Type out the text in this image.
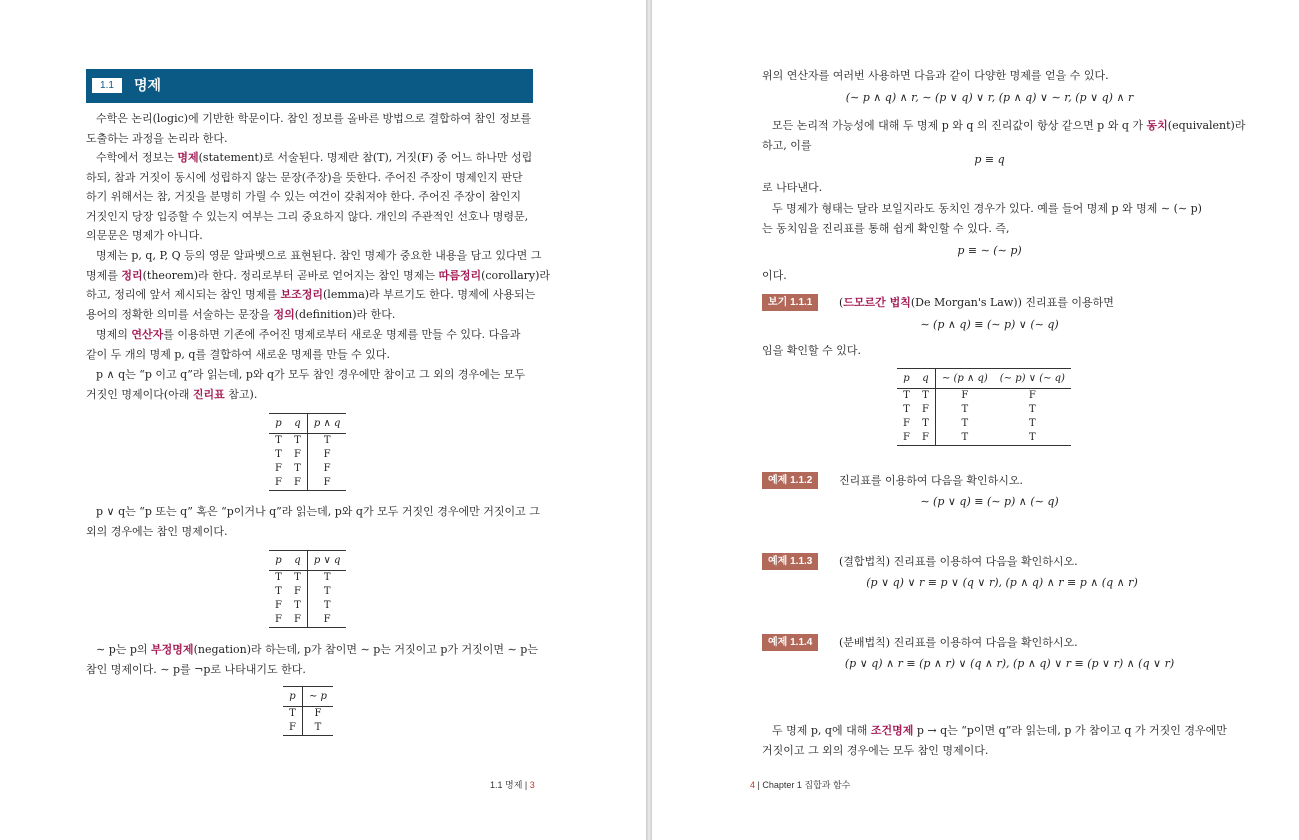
1.1	명제
수학은 논리(logic)에 기반한 학문이다. 참인 정보를 올바른 방법으로 결합하여 참인 정보를
도출하는 과정을 논리라 한다.
수학에서 정보는 명제(statement)로 서술된다. 명제란 참(T), 거짓(F) 중 어느 하나만 성립
하되, 참과 거짓이 동시에 성립하지 않는 문장(주장)을 뜻한다. 주어진 주장이 명제인지 판단
하기 위해서는 참, 거짓을 분명히 가릴 수 있는 여건이 갖춰져야 한다. 주어진 주장이 참인지
거짓인지 당장 입증할 수 있는지 여부는 그리 중요하지 않다. 개인의 주관적인 선호나 명령문,
의문문은 명제가 아니다.
명제는 p, q, P, Q 등의 영문 알파벳으로 표현된다. 참인 명제가 중요한 내용을 담고 있다면 그
명제를 정리(theorem)라 한다. 정리로부터 곧바로 얻어지는 참인 명제는 따름정리(corollary)라
하고, 정리에 앞서 제시되는 참인 명제를 보조정리(lemma)라 부르기도 한다. 명제에 사용되는
용어의 정확한 의미를 서술하는 문장을 정의(definition)라 한다.
명제의 연산자를 이용하면 기존에 주어진 명제로부터 새로운 명제를 만들 수 있다. 다음과
같이 두 개의 명제 p, q를 결합하여 새로운 명제를 만들 수 있다.
p ∧ q는 “p 이고 q”라 읽는데, p와 q가 모두 참인 경우에만 참이고 그 외의 경우에는 모두
거짓인 명제이다(아래 진리표 참고).
p	q	p ∧ q
T	T	T
T	F	F
F	T	F
F	F	F
p ∨ q는 “p 또는 q” 혹은 “p이거나 q”라 읽는데, p와 q가 모두 거짓인 경우에만 거짓이고 그
외의 경우에는 참인 명제이다.
p	q	p ∨ q
T	T	T
T	F	T
F	T	T
F	F	F
∼ p는 p의 부정명제(negation)라 하는데, p가 참이면 ∼ p는 거짓이고 p가 거짓이면 ∼ p는
참인 명제이다. ∼ p를 ¬p로 나타내기도 한다.
p	∼ p
T	F
F	T
1.1 명제 | 3
위의 연산자를 여러번 사용하면 다음과 같이 다양한 명제를 얻을 수 있다.
(∼ p ∧ q) ∧ r, ∼ (p ∨ q) ∨ r, (p ∧ q) ∨ ∼ r, (p ∨ q) ∧ r
모든 논리적 가능성에 대해 두 명제 p 와 q 의 진리값이 항상 같으면 p 와 q 가 동치(equivalent)라
하고, 이를
p ≡ q
로 나타낸다.
두 명제가 형태는 달라 보일지라도 동치인 경우가 있다. 예를 들어 명제 p 와 명제 ∼ (∼ p)
는 동치임을 진리표를 통해 쉽게 확인할 수 있다. 즉,
p ≡ ∼ (∼ p)
이다.
보기 1.1.1	(드모르간 법칙(De Morgan's Law)) 진리표를 이용하면
∼ (p ∧ q) ≡ (∼ p) ∨ (∼ q)
임을 확인할 수 있다.
p	q	∼ (p ∧ q)	(∼ p) ∨ (∼ q)
T	T	F	F
T	F	T	T
F	T	T	T
F	F	T	T
예제 1.1.2	진리표를 이용하여 다음을 확인하시오.
∼ (p ∨ q) ≡ (∼ p) ∧ (∼ q)
예제 1.1.3	(결합법칙) 진리표를 이용하여 다음을 확인하시오.
(p ∨ q) ∨ r ≡ p ∨ (q ∨ r), (p ∧ q) ∧ r ≡ p ∧ (q ∧ r)
예제 1.1.4	(분배법칙) 진리표를 이용하여 다음을 확인하시오.
(p ∨ q) ∧ r ≡ (p ∧ r) ∨ (q ∧ r), (p ∧ q) ∨ r ≡ (p ∨ r) ∧ (q ∨ r)
두 명제 p, q에 대해 조건명제 p → q는 “p이면 q”라 읽는데, p 가 참이고 q 가 거짓인 경우에만
거짓이고 그 외의 경우에는 모두 참인 명제이다.
4 | Chapter 1 집합과 함수
